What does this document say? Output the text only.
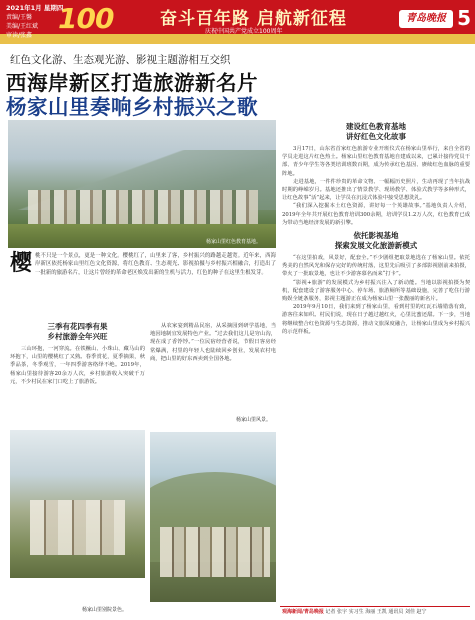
2021年1月 星期四
责编/王馨
美编/王红斌
审读/张鑫
100	奋斗百年路 启航新征程
庆祝中国共产党成立100周年
青岛晚报 5
红色文化游、生态观光游、影视主题游相互交织
西海岸新区打造旅游新名片
杨家山里奏响乡村振兴之歌
杨家山里红色教育基地。
建设红色教育基地
讲好红色文化故事

3月17日，山东省首家红色旅游专业开班仪式在杨家山里举行，来自全省的学员走进这片红色热土。杨家山里红色教育基地自建成以来，已累计接待党员干部、青少年学生等各类培训班数百期，成为传承红色基因、赓续红色血脉的重要阵地。

走进基地，一件件珍贵的革命文物、一幅幅历史照片，生动再现了当年抗战时期的峥嵘岁月。基地还推出了情景教学、现场教学、体验式教学等多种形式，让红色故事“活”起来，让学员在沉浸式体验中接受思想洗礼。

“我们深入挖掘本土红色资源，讲好每一个英雄故事。”基地负责人介绍，2019年全年共开展红色教育培训300余期，培训学员1.2万人次，红色教育已成为带动当地经济发展的新引擎。

依托影视基地
探索发展文化旅游新模式

“在这里拍戏，风景好，配套全。”不少剧组把取景地选在了杨家山里。依托秀美的自然风光和保存完好的传统村落，这里先后吸引了多部影视剧前来拍摄，带火了一批取景地，也让不少游客慕名而来“打卡”。

“影视+旅游”的发展模式为乡村振兴注入了新动能。当地以影视拍摄为契机，配套建设了游客服务中心、停车场、旅游厕所等基础设施，完善了吃住行游购娱全链条服务，影视主题游正在成为杨家山里一张靓丽的新名片。

2019年9月10日，我们来到了杨家山里，看到村里的红瓦石墙错落有致，游客往来如织。村民们说，现在日子越过越红火，心里比蜜还甜。下一步，当地将继续整合红色资源与生态资源，推动文旅深度融合，让杨家山里成为乡村振兴的示范样板。

樱 桃不只是一个景点，更是一种文化。樱桃红了，山里来了客，乡村振兴的路越走越宽。近年来，西海岸新区依托杨家山里红色文化资源，将红色教育、生态观光、影视拍摄与乡村振兴相融合，打造出了一批新的旅游名片，让这片曾经的革命老区焕发出新的生机与活力，红色的种子在这里生根发芽。
三季有花四季有果
乡村旅游全年兴旺

三山环抱，一河穿流。在铁橛山、小珠山、藏马山的环抱下，山里的樱桃红了又熟。春季赏花，夏季摘果，秋季品茶，冬季观雪，一年四季游客络绎不绝。2019年，杨家山里接待游客20余万人次，乡村旅游收入突破千万元，不少村民在家门口吃上了旅游饭。

从农家宴到精品民宿，从采摘园到研学基地，当地因地制宜发展特色产业。“过去我们这儿是穷山沟，现在成了香饽饽。”一位民宿经营者说，节假日客房经常爆满，村里的年轻人也陆续回乡创业，发展农村电商，把山里的好东西卖到全国各地。

杨家山里风景。
杨家山里别院景色。	观海新闻/青岛晚报 记者 张宇 实习生 海丽 王凯 通讯员 刘佳 赵宁
